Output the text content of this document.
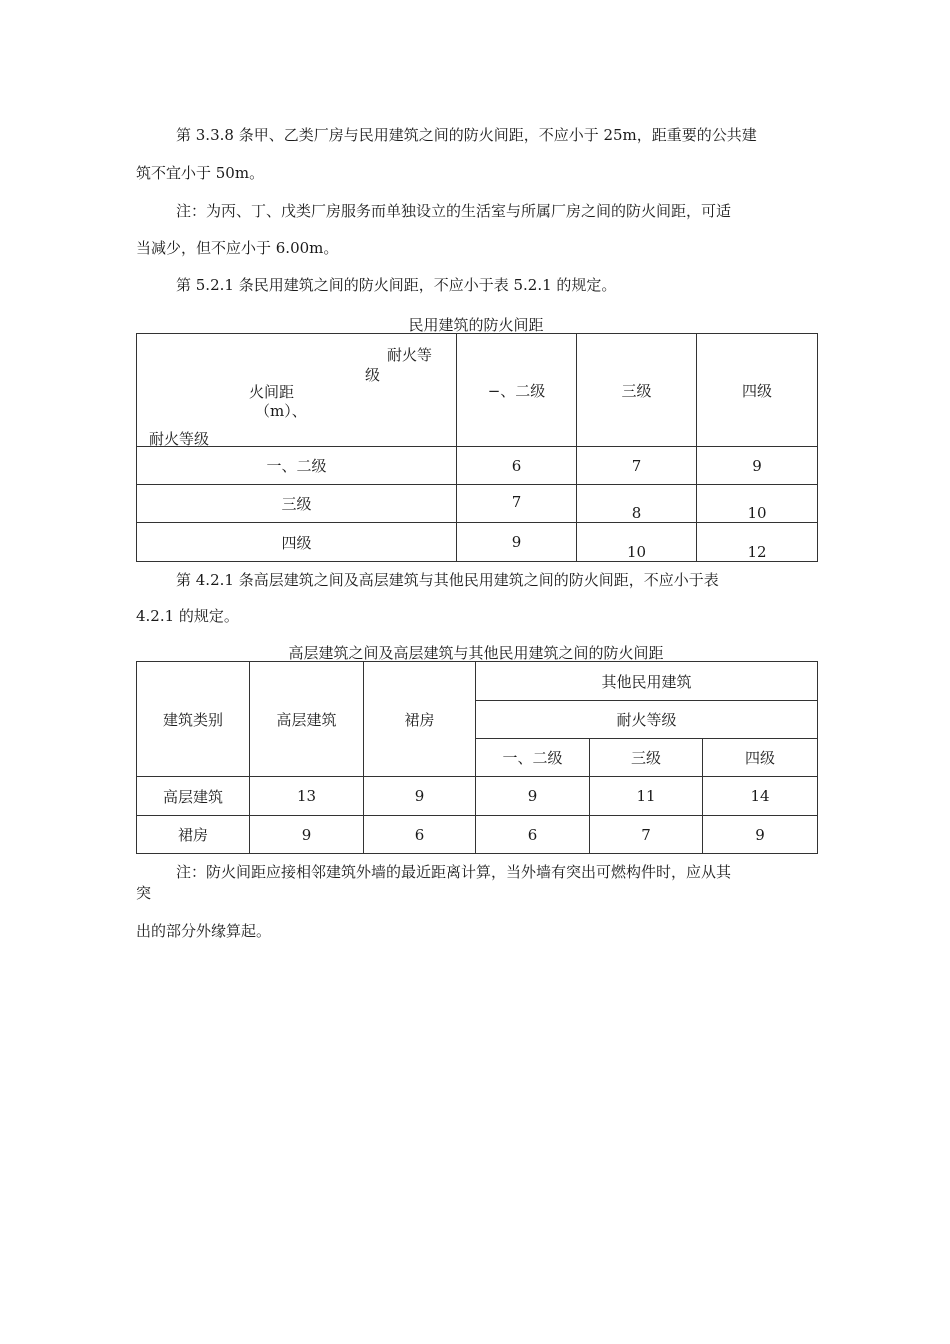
第 3.3.8 条甲、乙类厂房与民用建筑之间的防火间距，不应小于 25m，距重要的公共建

筑不宜小于 50m。

注：为丙、丁、戊类厂房服务而单独设立的生活室与所属厂房之间的防火间距，可适

当减少，但不应小于 6.00m。

第 5.2.1 条民用建筑之间的防火间距，不应小于表 5.2.1 的规定。

民用建筑的防火间距
耐火等
级
火间距
（m）、
耐火等级	−、二级	三级	四级
一、二级	6	7	9
三级	7	8	10
四级	9	10	12

第 4.2.1 条高层建筑之间及高层建筑与其他民用建筑之间的防火间距，不应小于表

4.2.1 的规定。

高层建筑之间及高层建筑与其他民用建筑之间的防火间距
建筑类别	高层建筑	裙房	其他民用建筑		
			耐火等级		
			一、二级	三级	四级
高层建筑	13	9	9	11	14
裙房	9	6	6	7	9
注：防火间距应接相邻建筑外墙的最近距离计算，当外墙有突出可燃构件时，应从其
突
出的部分外缘算起。
